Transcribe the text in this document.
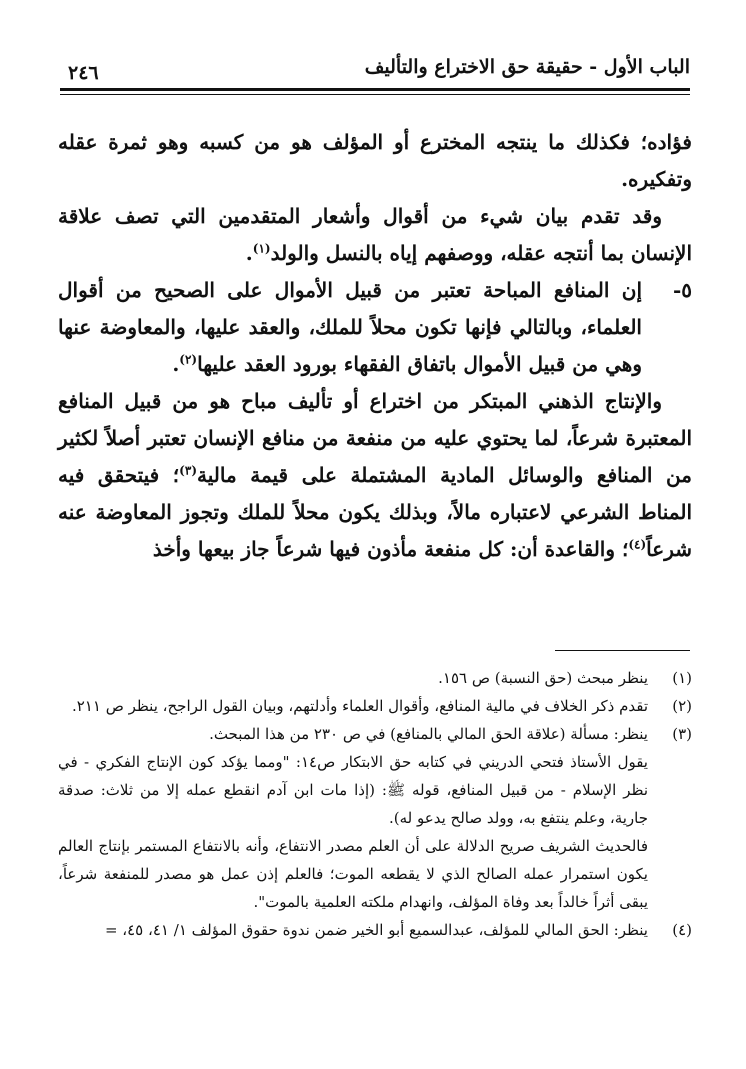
الباب الأول - حقيقة حق الاختراع والتأليف
٢٤٦

فؤاده؛ فكذلك ما ينتجه المخترع أو المؤلف هو من كسبه وهو ثمرة عقله وتفكيره.

وقد تقدم بيان شيء من أقوال وأشعار المتقدمين التي تصف علاقة الإنسان بما أنتجه عقله، ووصفهم إياه بالنسل والولد$^{(١)}$.

٥-
إن المنافع المباحة تعتبر من قبيل الأموال على الصحيح من أقوال العلماء، وبالتالي فإنها تكون محلاً للملك، والعقد عليها، والمعاوضة عنها وهي من قبيل الأموال باتفاق الفقهاء بورود العقد عليها$^{(٢)}$.

والإنتاج الذهني المبتكر من اختراع أو تأليف مباح هو من قبيل المنافع المعتبرة شرعاً، لما يحتوي عليه من منفعة من منافع الإنسان تعتبر أصلاً لكثير من المنافع والوسائل المادية المشتملة على قيمة مالية$^{(٣)}$؛ فيتحقق فيه المناط الشرعي لاعتباره مالاً، وبذلك يكون محلاً للملك وتجوز المعاوضة عنه شرعاً$^{(٤)}$؛ والقاعدة أن: كل منفعة مأذون فيها شرعاً جاز بيعها وأخذ

(١)

ينظر مبحث (حق النسبة) ص ١٥٦.

(٢)

تقدم ذكر الخلاف في مالية المنافع، وأقوال العلماء وأدلتهم، وبيان القول الراجح، ينظر ص ٢١١.

(٣)

ينظر: مسألة (علاقة الحق المالي بالمنافع) في ص ٢٣٠ من هذا المبحث.

يقول الأستاذ فتحي الدريني في كتابه حق الابتكار ص١٤: "ومما يؤكد كون الإنتاج الفكري - في نظر الإسلام - من قبيل المنافع، قوله ﷺ: (إذا مات ابن آدم انقطع عمله إلا من ثلاث: صدقة جارية، وعلم ينتفع به، وولد صالح يدعو له).

فالحديث الشريف صريح الدلالة على أن العلم مصدر الانتفاع، وأنه بالانتفاع المستمر بإنتاج العالم يكون استمرار عمله الصالح الذي لا يقطعه الموت؛ فالعلم إذن عمل هو مصدر للمنفعة شرعاً، يبقى أثراً خالداً بعد وفاة المؤلف، وانهدام ملكته العلمية بالموت".

(٤)

ينظر: الحق المالي للمؤلف، عبدالسميع أبو الخير ضمن ندوة حقوق المؤلف ١/ ٤١، ٤٥، =
